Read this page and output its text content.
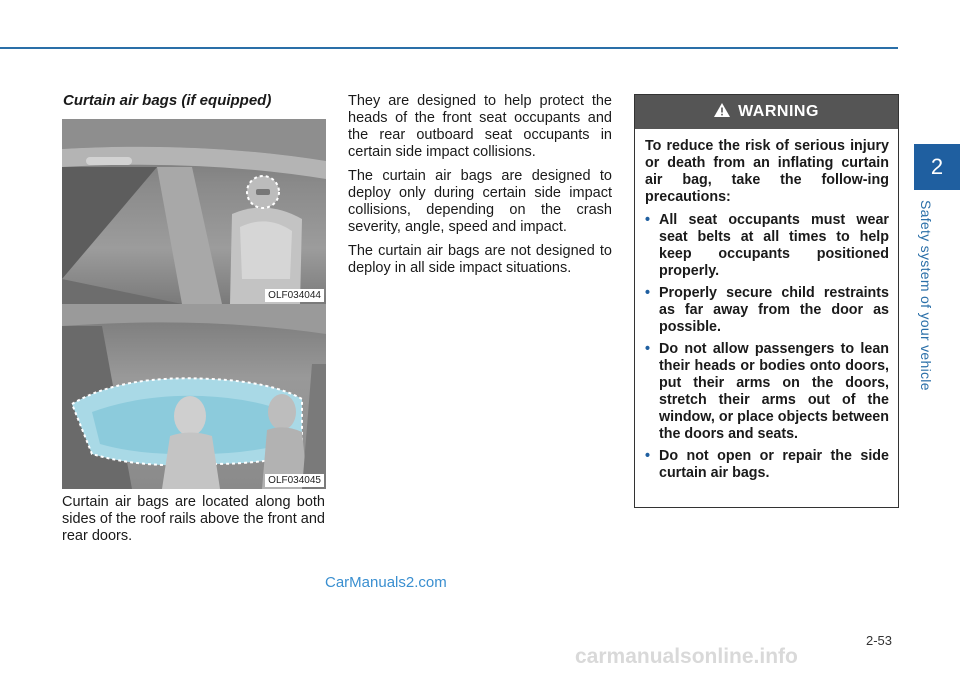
2
Safety system of your vehicle
Curtain air bags (if equipped)
OLF034044
OLF034045

Curtain air bags are located along both sides of the roof rails above the front and rear doors.

They are designed to help protect the heads of the front seat occupants and the rear outboard seat occupants in certain side impact collisions.

The curtain air bags are designed to deploy only during certain side impact collisions, depending on the crash severity, angle, speed and impact.

The curtain air bags are not designed to deploy in all side impact situations.

WARNING
To reduce the risk of serious injury or death from an inflating curtain air bag, take the follow-ing precautions:
• All seat occupants must wear seat belts at all times to help keep occupants positioned properly.
• Properly secure child restraints as far away from the door as possible.
• Do not allow passengers to lean their heads or bodies onto doors, put their arms on the doors, stretch their arms out of the window, or place objects between the doors and seats.
• Do not open or repair the side curtain air bags.
CarManuals2.com
2-53
carmanualsonline.info
